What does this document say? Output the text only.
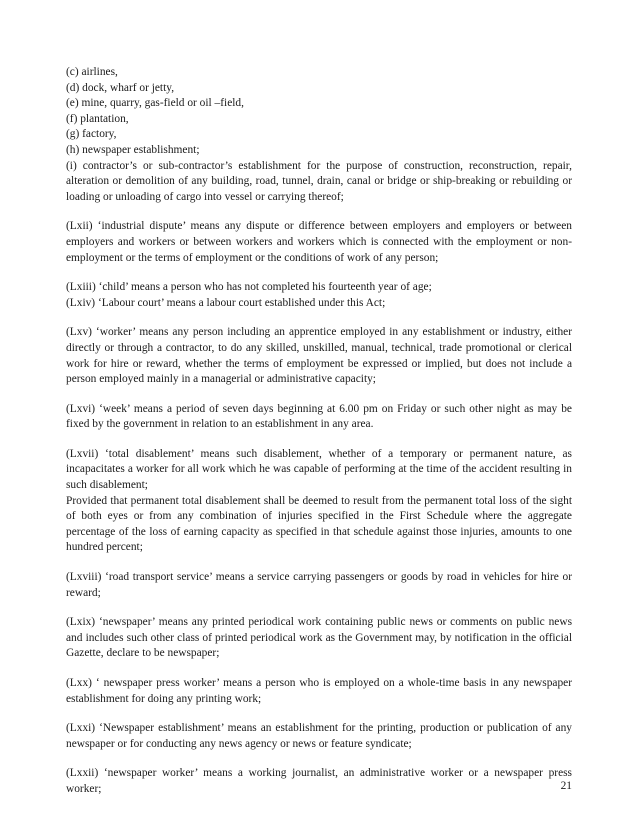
(c) airlines,
(d) dock, wharf or jetty,
(e) mine, quarry, gas-field or oil –field,
(f) plantation,
(g) factory,
(h) newspaper establishment;

(i) contractor’s or sub-contractor’s establishment for the purpose of construction, reconstruction, repair, alteration or demolition of any building, road, tunnel, drain, canal or bridge or ship-breaking or rebuilding or loading or unloading of cargo into vessel or carrying thereof;

(Lxii) ‘industrial dispute’ means any dispute or difference between employers and employers or between employers and workers or between workers and workers which is connected with the employment or non-employment or the terms of employment or the conditions of work of any person;

(Lxiii) ‘child’ means a person who has not completed his fourteenth year of age;

(Lxiv) ‘Labour court’ means a labour court established under this Act;

(Lxv) ‘worker’ means any person including an apprentice employed in any establishment or industry, either directly or through a contractor, to do any skilled, unskilled, manual, technical, trade promotional or clerical work for hire or reward, whether the terms of employment be expressed or implied, but does not include a person employed mainly in a managerial or administrative capacity;

(Lxvi) ‘week’ means a period of seven days beginning at 6.00 pm on Friday or such other night as may be fixed by the government in relation to an establishment in any area.

(Lxvii) ‘total disablement’ means such disablement, whether of a temporary or permanent nature, as incapacitates a worker for all work which he was capable of performing at the time of the accident resulting in such disablement;

Provided that permanent total disablement shall be deemed to result from the permanent total loss of the sight of both eyes or from any combination of injuries specified in the First Schedule where the aggregate percentage of the loss of earning capacity as specified in that schedule against those injuries, amounts to one hundred percent;

(Lxviii) ‘road transport service’ means a service carrying passengers or goods by road in vehicles for hire or reward;

(Lxix) ‘newspaper’ means any printed periodical work containing public news or comments on public news and includes such other class of printed periodical work as the Government may, by notification in the official Gazette, declare to be newspaper;

(Lxx) ‘ newspaper press worker’ means a person who is employed on a whole-time basis in any newspaper establishment for doing any printing work;

(Lxxi) ‘Newspaper establishment’ means an establishment for the printing, production or publication of any newspaper or for conducting any news agency or news or feature syndicate;

(Lxxii) ‘newspaper worker’ means a working journalist, an administrative worker or a newspaper press worker;	21
